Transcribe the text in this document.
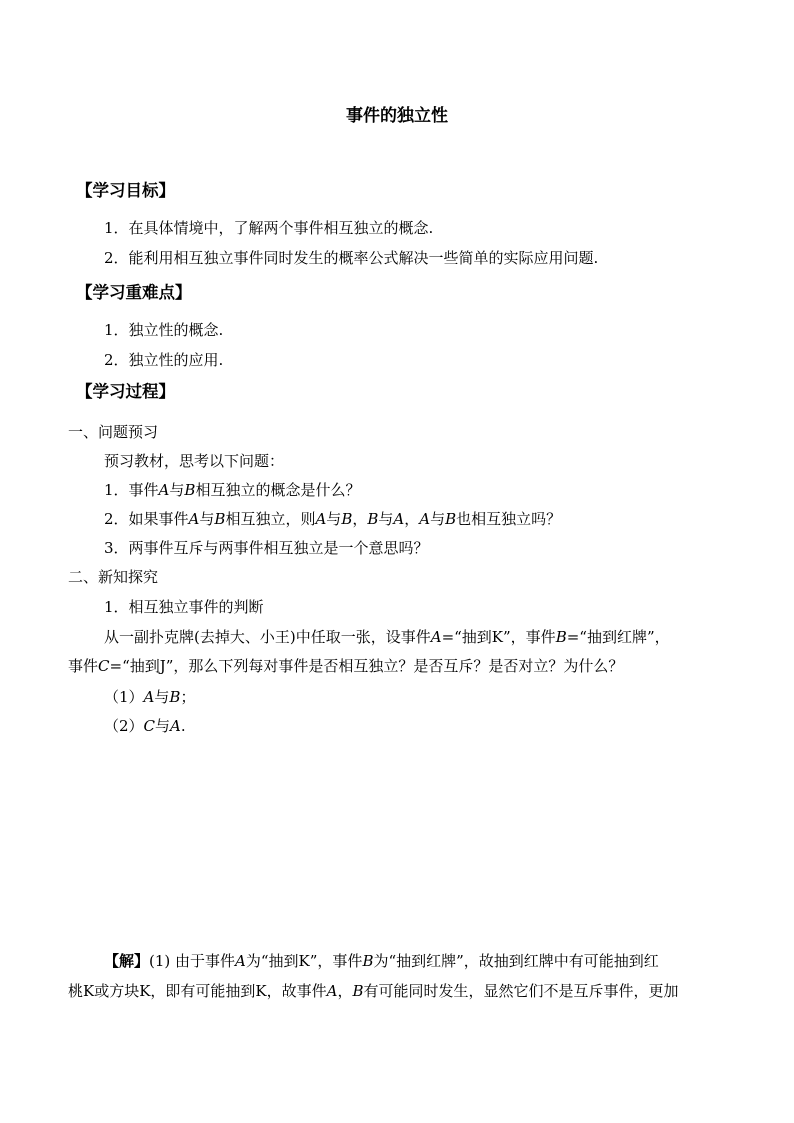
事件的独立性
【学习目标】
1．在具体情境中，了解两个事件相互独立的概念.
2．能利用相互独立事件同时发生的概率公式解决一些简单的实际应用问题.
【学习重难点】
1．独立性的概念.
2．独立性的应用.
【学习过程】
一、问题预习
预习教材，思考以下问题：
1．事件A与B相互独立的概念是什么？
2．如果事件A与B相互独立，则A与B，B与A，A与B也相互独立吗？
3．两事件互斥与两事件相互独立是一个意思吗？
二、新知探究
1．相互独立事件的判断
从一副扑克牌(去掉大、小王)中任取一张，设事件A=“抽到K”，事件B=“抽到红牌”，
事件C=“抽到J”，那么下列每对事件是否相互独立？是否互斥？是否对立？为什么？
（1）A与B；
（2）C与A.
【解】(1) 由于事件A为“抽到K”，事件B为“抽到红牌”，故抽到红牌中有可能抽到红
桃K或方块K，即有可能抽到K，故事件A，B有可能同时发生，显然它们不是互斥事件，更加
